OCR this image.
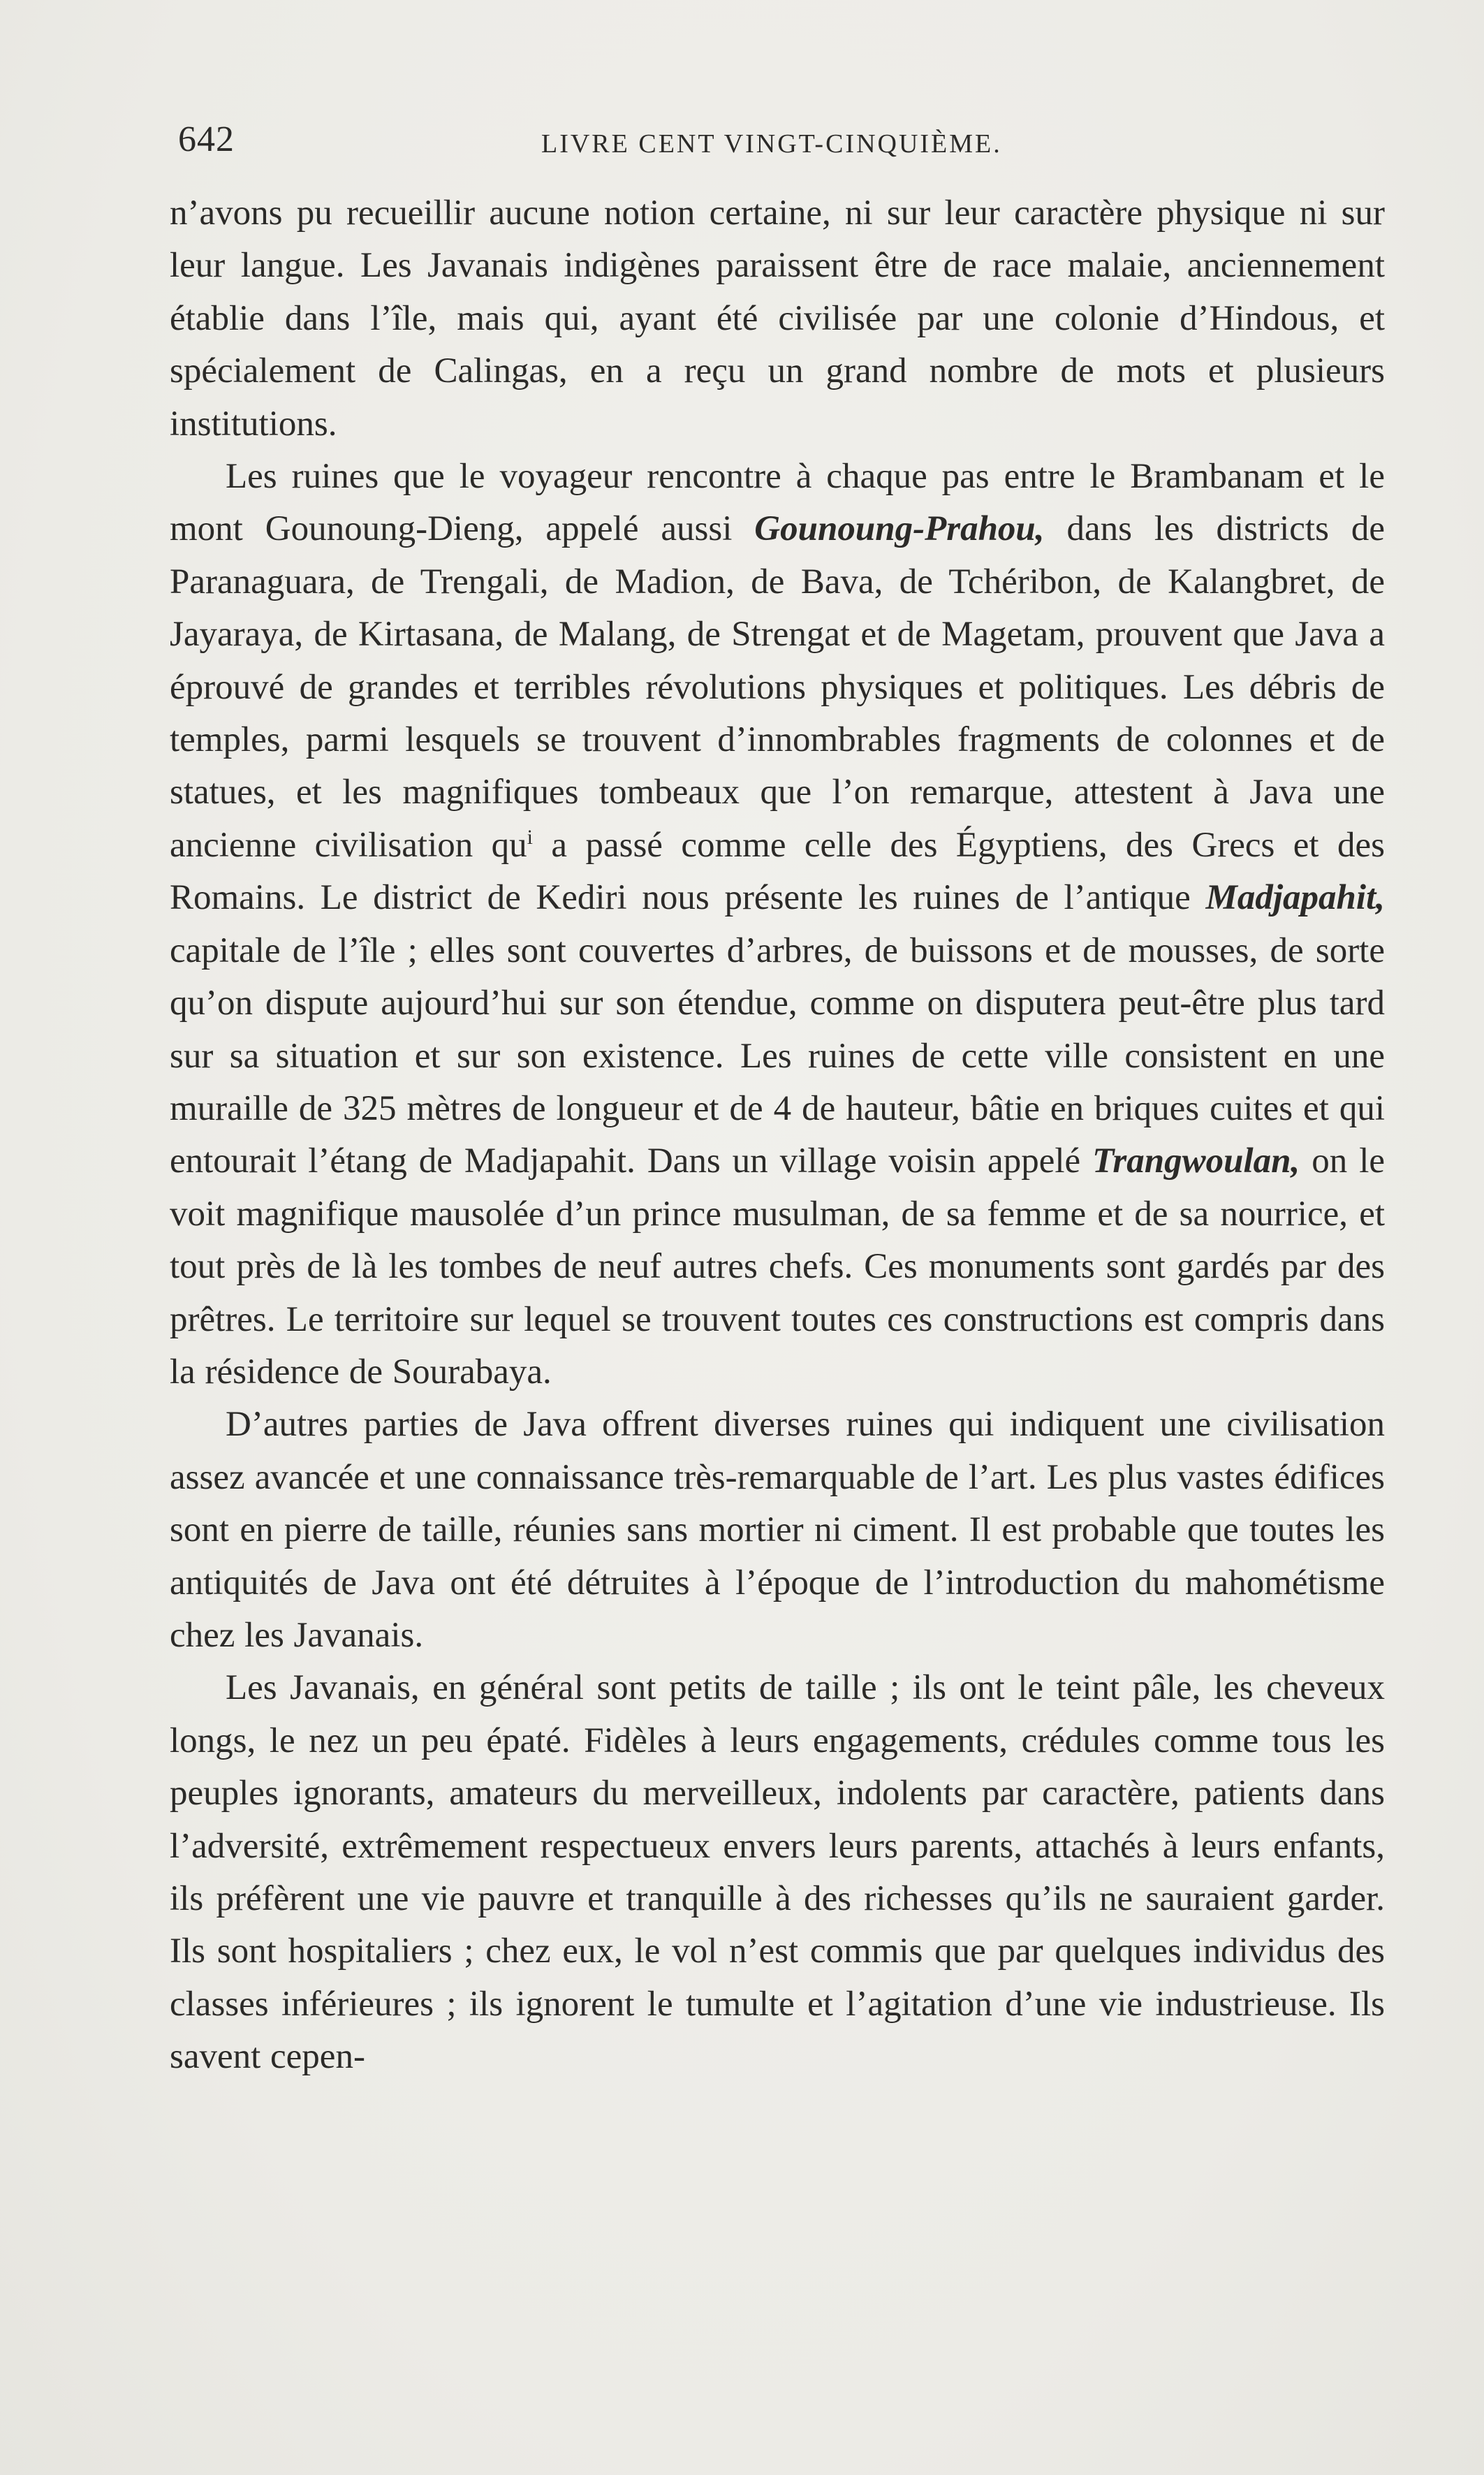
642	LIVRE CENT VINGT-CINQUIÈME.

n’avons pu recueillir aucune notion certaine, ni sur leur caractère physique ni sur leur langue. Les Javanais indigènes paraissent être de race malaie, anciennement établie dans l’île, mais qui, ayant été civilisée par une colonie d’Hindous, et spécialement de Calingas, en a reçu un grand nombre de mots et plusieurs institutions.

Les ruines que le voyageur rencontre à chaque pas entre le Brambanam et le mont Gounoung-Dieng, appelé aussi Gounoung-Prahou, dans les districts de Paranaguara, de Trengali, de Madion, de Bava, de Tchéribon, de Kalangbret, de Jayaraya, de Kirtasana, de Malang, de Strengat et de Magetam, prouvent que Java a éprouvé de grandes et terribles révolutions physiques et politiques. Les débris de temples, parmi lesquels se trouvent d’innombrables fragments de colonnes et de statues, et les magnifiques tombeaux que l’on remarque, attestent à Java une ancienne civilisation $qu^i$ a passé comme celle des Égyptiens, des Grecs et des Romains. Le district de Kediri nous présente les ruines de l’antique Madjapahit, capitale de l’île ; elles sont couvertes d’arbres, de buissons et de mousses, de sorte qu’on dispute aujourd’hui sur son étendue, comme on disputera peut-être plus tard sur sa situation et sur son existence. Les ruines de cette ville consistent en une muraille de 325 mètres de longueur et de 4 de hauteur, bâtie en briques cuites et qui entourait l’étang de Madjapahit. Dans un village voisin appelé Trangwoulan, on le voit magnifique mausolée d’un prince musulman, de sa femme et de sa nourrice, et tout près de là les tombes de neuf autres chefs. Ces monuments sont gardés par des prêtres. Le territoire sur lequel se trouvent toutes ces constructions est compris dans la résidence de Sourabaya.

D’autres parties de Java offrent diverses ruines qui indiquent une civilisation assez avancée et une connaissance très-remarquable de l’art. Les plus vastes édifices sont en pierre de taille, réunies sans mortier ni ciment. Il est probable que toutes les antiquités de Java ont été détruites à l’époque de l’introduction du mahométisme chez les Javanais.

Les Javanais, en général sont petits de taille ; ils ont le teint pâle, les cheveux longs, le nez un peu épaté. Fidèles à leurs engagements, crédules comme tous les peuples ignorants, amateurs du merveilleux, indolents par caractère, patients dans l’adversité, extrêmement respectueux envers leurs parents, attachés à leurs enfants, ils préfèrent une vie pauvre et tranquille à des richesses qu’ils ne sauraient garder. Ils sont hospitaliers ; chez eux, le vol n’est commis que par quelques individus des classes inférieures ; ils ignorent le tumulte et l’agitation d’une vie industrieuse. Ils savent cepen-
